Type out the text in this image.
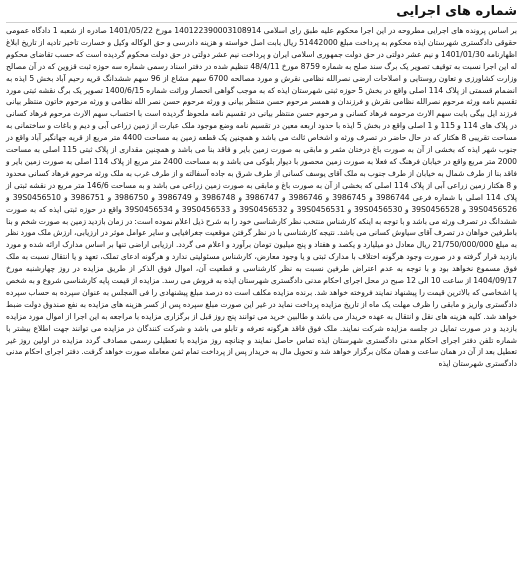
شماره های اجرایی

بر اساس پرونده های اجرایی مطروحه در این اجرا محکوم علیه طبق رای اسلامی 140122390003108914 مورخ 1401/05/22 صادره از شعبه 1 دادگاه عمومی حقوقی دادگستری شهرستان ایذه محکوم به پرداخت مبلغ 51442000 ریال بابت اصل خواسته و هزینه دادرسی و حق الوکاله وکیل و خسارت تاخیر تادیه از تاریخ ابلاغ اظهارنامه 1401/01/30 و نیم عشر دولتی در حق دولت جمهوری اسلامی ایران و پرداخت نیم عشر دولتی در حق دولت محکوم گردیده است که حسب تقاضای محکوم له این اجرا نسبت به توقیف تصویر یک برگ سند صلح به شماره 8759 مورخ 48/4/11 تنظیم شده در دفتر اسناد رسمی شماره سه حوزه ثبت قزوین که در آن مصالح وزارت کشاورزی و تعاون روستایی و اصلاحات ارضی نصرالله نظامی نقرش و مورد مصالحه 6700 سهم مشاع از 96 سهم ششدانگ قریه رحیم آباد بخش 5 ایذه به انضمام قسمتی از پلاک 114 اصلی واقع در بخش 5 حوزه ثبتی شهرستان ایذه که به موجب گواهی انحصار وراثت شماره 1400/6/15 تصویر یک برگ نقشه ثبتی مورد تقسیم نامه ورثه مرحوم نصرالله نظامی نقرش و فرزندان و همسر مرحوم حسن منتظر بیانی و ورثه مرحوم حسن نصر الله نظامی و ورثه مرحوم خاتون منتظر بیانی فرزند ایل بیگی بابت سهم الارث مرحومه فرهاد کسانی و مرحوم حسن منتظر بیانی در تقسیم نامه ملحوظ گردیده است با احتساب سهم الارث مرحوم فرهاد کسانی در پلاک های 114 و 115 و 1 اصلی واقع در بخش 5 ایذه با حدود اربعه معین در تقسیم نامه وضع موجود ملک عبارت از زمین زراعی آبی و دیم و باغات و ساختمانی به مساحت تقریبی 8 هکتار که در حال حاضر در تصرف ورثه و اشخاص ثالث می باشد و همچنین یک قطعه زمین به مساحت 4400 متر مربع از قریه جهانگیر آباد واقع در جنوب شهر ایذه که بخشی از آن به صورت باغ درختان مثمر و مابقی به صورت زمین بایر و فاقد بنا می باشد و همچنین مقداری از پلاک ثبتی 115 اصلی به مساحت 2000 متر مربع واقع در خیابان فرهنگ که فعلا به صورت زمین محصور با دیوار بلوکی می باشد و به مساحت 2400 متر مربع از پلاک 114 اصلی به صورت زمین بایر و فاقد بنا از طرف شمال به خیابان از طرف جنوب به ملک آقای یوسف کسانی از طرف شرق به جاده آسفالته و از طرف غرب به ملک ورثه مرحوم فرهاد کسانی محدود و 8 هکتار زمین زراعی آبی از پلاک 114 اصلی که بخشی از آن به صورت باغ و مابقی به صورت زمین زراعی می باشد و به مساحت 146/6 متر مربع در نقشه ثبتی از پلاک 114 اصلی با شماره فرعی 3986744 و 3986745 و 3986746 و 3986747 و 3986748 و 3986749 و 3986750 و 3986751 و 39S0456510 و 39S0456526 و 39S0456528 و 39S0456530 و 39S0456531 و 39S0456532 و 39S0456533 و 39S0456534 واقع در حوزه ثبتی ایذه که به صورت ششدانگ در تصرف ورثه می باشد و با توجه به اینکه کارشناس منتخب نظر کارشناسی خود را به شرح ذیل اعلام نموده است: در زمان بازدید زمین به صورت شخم و بنا باطرفین خواهان در تصرف آقای سیاوش کسانی می باشد. نتیجه کارشناسی با در نظر گرفتن موقعیت جغرافیایی و سایر عوامل موثر در ارزیابی، ارزش ملک مورد نظر به مبلغ 21/750/000/000 ریال معادل دو میلیارد و یکصد و هفتاد و پنج میلیون تومان برآورد و اعلام می گردد. ارزیابی اراضی تنها بر اساس مدارک ارائه شده و مورد بازدید قرار گرفته و در صورت وجود هرگونه اختلاف با مدارک ثبتی و یا وجود معارض، کارشناس مسئولیتی ندارد و هرگونه ادعای تملک، تعهد و یا انتقال نسبت به ملک فوق مسموع نخواهد بود و با توجه به عدم اعتراض طرفین نسبت به نظر کارشناسی و قطعیت آن، اموال فوق الذکر از طریق مزایده در روز چهارشنبه مورخ 1404/09/17 از ساعت 10 الی 12 صبح در محل اجرای احکام مدنی دادگستری شهرستان ایذه به فروش می رسد. مزایده از قیمت پایه کارشناسی شروع و به شخص یا اشخاصی که بالاترین قیمت را پیشنهاد نمایند فروخته خواهد شد. برنده مزایده مکلف است ده درصد مبلغ پیشنهادی را فی المجلس به عنوان سپرده به حساب سپرده دادگستری واریز و مابقی را ظرف مهلت یک ماه از تاریخ مزایده پرداخت نماید در غیر این صورت مبلغ سپرده پس از کسر هزینه های مزایده به نفع صندوق دولت ضبط خواهد شد. کلیه هزینه های نقل و انتقال به عهده خریدار می باشد و طالبین خرید می توانند پنج روز قبل از برگزاری مزایده با مراجعه به این اجرا از اموال مورد مزایده بازدید و در صورت تمایل در جلسه مزایده شرکت نمایند. ملک فوق فاقد هرگونه تعرفه و تابلو می باشد و شرکت کنندگان در مزایده می توانند جهت اطلاع بیشتر با شماره تلفن دفتر اجرای احکام مدنی دادگستری شهرستان ایذه تماس حاصل نمایند و چنانچه روز مزایده با تعطیلی رسمی مصادف گردد مزایده در اولین روز غیر تعطیل بعد از آن در همان ساعت و همان مکان برگزار خواهد شد و تحویل مال به خریدار پس از پرداخت تمام ثمن معامله صورت خواهد گرفت. دفتر اجرای احکام مدنی دادگستری شهرستان ایذه
